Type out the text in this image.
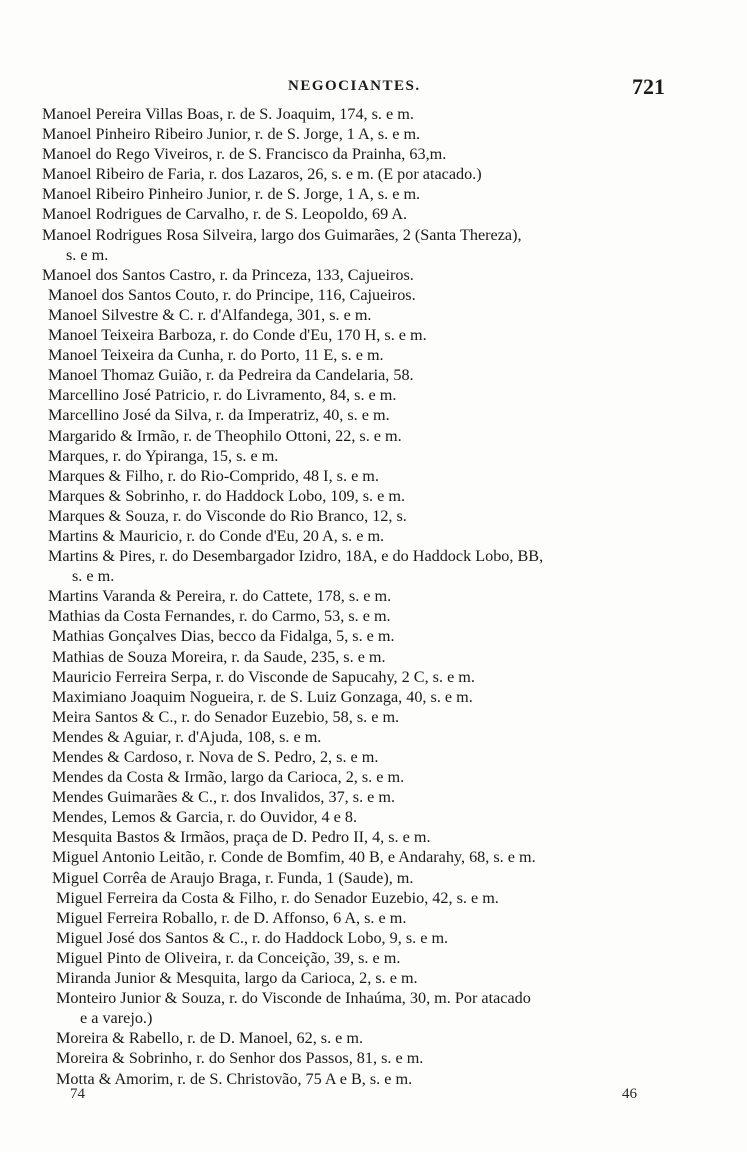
NEGOCIANTES.	721
Manoel Pereira Villas Boas, r. de S. Joaquim, 174, s. e m.
Manoel Pinheiro Ribeiro Junior, r. de S. Jorge, 1 A, s. e m.
Manoel do Rego Viveiros, r. de S. Francisco da Prainha, 63,m.
Manoel Ribeiro de Faria, r. dos Lazaros, 26, s. e m. (E por atacado.)
Manoel Ribeiro Pinheiro Junior, r. de S. Jorge, 1 A, s. e m.
Manoel Rodrigues de Carvalho, r. de S. Leopoldo, 69 A.
Manoel Rodrigues Rosa Silveira, largo dos Guimarães, 2 (Santa Thereza),
s. e m.
Manoel dos Santos Castro, r. da Princeza, 133, Cajueiros.
Manoel dos Santos Couto, r. do Principe, 116, Cajueiros.
Manoel Silvestre & C. r. d'Alfandega, 301, s. e m.
Manoel Teixeira Barboza, r. do Conde d'Eu, 170 H, s. e m.
Manoel Teixeira da Cunha, r. do Porto, 11 E, s. e m.
Manoel Thomaz Guião, r. da Pedreira da Candelaria, 58.
Marcellino José Patricio, r. do Livramento, 84, s. e m.
Marcellino José da Silva, r. da Imperatriz, 40, s. e m.
Margarido & Irmão, r. de Theophilo Ottoni, 22, s. e m.
Marques, r. do Ypiranga, 15, s. e m.
Marques & Filho, r. do Rio-Comprido, 48 I, s. e m.
Marques & Sobrinho, r. do Haddock Lobo, 109, s. e m.
Marques & Souza, r. do Visconde do Rio Branco, 12, s.
Martins & Mauricio, r. do Conde d'Eu, 20 A, s. e m.
Martins & Pires, r. do Desembargador Izidro, 18A, e do Haddock Lobo, BB,
s. e m.
Martins Varanda & Pereira, r. do Cattete, 178, s. e m.
Mathias da Costa Fernandes, r. do Carmo, 53, s. e m.
Mathias Gonçalves Dias, becco da Fidalga, 5, s. e m.
Mathias de Souza Moreira, r. da Saude, 235, s. e m.
Mauricio Ferreira Serpa, r. do Visconde de Sapucahy, 2 C, s. e m.
Maximiano Joaquim Nogueira, r. de S. Luiz Gonzaga, 40, s. e m.
Meira Santos & C., r. do Senador Euzebio, 58, s. e m.
Mendes & Aguiar, r. d'Ajuda, 108, s. e m.
Mendes & Cardoso, r. Nova de S. Pedro, 2, s. e m.
Mendes da Costa & Irmão, largo da Carioca, 2, s. e m.
Mendes Guimarães & C., r. dos Invalidos, 37, s. e m.
Mendes, Lemos & Garcia, r. do Ouvidor, 4 e 8.
Mesquita Bastos & Irmãos, praça de D. Pedro II, 4, s. e m.
Miguel Antonio Leitão, r. Conde de Bomfim, 40 B, e Andarahy, 68, s. e m.
Miguel Corrêa de Araujo Braga, r. Funda, 1 (Saude), m.
Miguel Ferreira da Costa & Filho, r. do Senador Euzebio, 42, s. e m.
Miguel Ferreira Roballo, r. de D. Affonso, 6 A, s. e m.
Miguel José dos Santos & C., r. do Haddock Lobo, 9, s. e m.
Miguel Pinto de Oliveira, r. da Conceição, 39, s. e m.
Miranda Junior & Mesquita, largo da Carioca, 2, s. e m.
Monteiro Junior & Souza, r. do Visconde de Inhaúma, 30, m. Por atacado
e a varejo.)
Moreira & Rabello, r. de D. Manoel, 62, s. e m.
Moreira & Sobrinho, r. do Senhor dos Passos, 81, s. e m.
Motta & Amorim, r. de S. Christovão, 75 A e B, s. e m.
74	46
